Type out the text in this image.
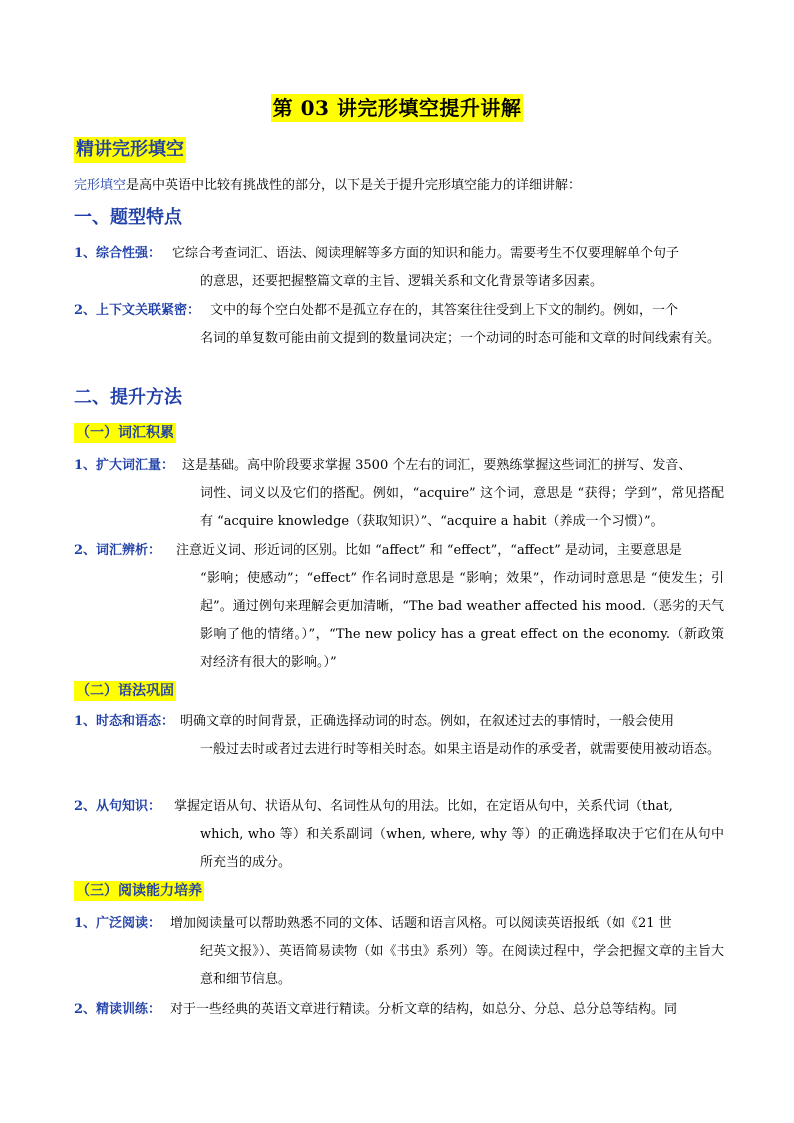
第 03 讲完形填空提升讲解
精讲完形填空
完形填空是高中英语中比较有挑战性的部分，以下是关于提升完形填空能力的详细讲解：
一、题型特点
1、综合性强： 它综合考查词汇、语法、阅读理解等多方面的知识和能力。需要考生不仅要理解单个句子
的意思，还要把握整篇文章的主旨、逻辑关系和文化背景等诸多因素。
2、上下文关联紧密： 文中的每个空白处都不是孤立存在的，其答案往往受到上下文的制约。例如，一个
名词的单复数可能由前文提到的数量词决定；一个动词的时态可能和文章的时间线索有关。
二、提升方法
（一）词汇积累
1、扩大词汇量： 这是基础。高中阶段要求掌握 3500 个左右的词汇，要熟练掌握这些词汇的拼写、发音、
词性、词义以及它们的搭配。例如，“acquire” 这个词，意思是 “获得；学到”，常见搭配有 “acquire knowledge（获取知识）”、“acquire a habit（养成一个习惯）”。
2、词汇辨析：	注意近义词、形近词的区别。比如 “affect” 和 “effect”，“affect” 是动词，主要意思是
“影响；使感动”；“effect” 作名词时意思是 “影响；效果”，作动词时意思是 “使发生；引起”。通过例句来理解会更加清晰，“The bad weather affected his mood.（恶劣的天气影响了他的情绪。）”，“The new policy has a great effect on the economy.（新政策对经济有很大的影响。）”
（二）语法巩固
1、时态和语态： 明确文章的时间背景，正确选择动词的时态。例如，在叙述过去的事情时，一般会使用
一般过去时或者过去进行时等相关时态。如果主语是动作的承受者，就需要使用被动语态。
2、从句知识： 掌握定语从句、状语从句、名词性从句的用法。比如，在定语从句中，关系代词（that,
which, who 等）和关系副词（when, where, why 等）的正确选择取决于它们在从句中所充当的成分。
（三）阅读能力培养
1、广泛阅读： 增加阅读量可以帮助熟悉不同的文体、话题和语言风格。可以阅读英语报纸（如《21 世
纪英文报》）、英语简易读物（如《书虫》系列）等。在阅读过程中，学会把握文章的主旨大意和细节信息。
2、精读训练： 对于一些经典的英语文章进行精读。分析文章的结构，如总分、分总、总分总等结构。同
